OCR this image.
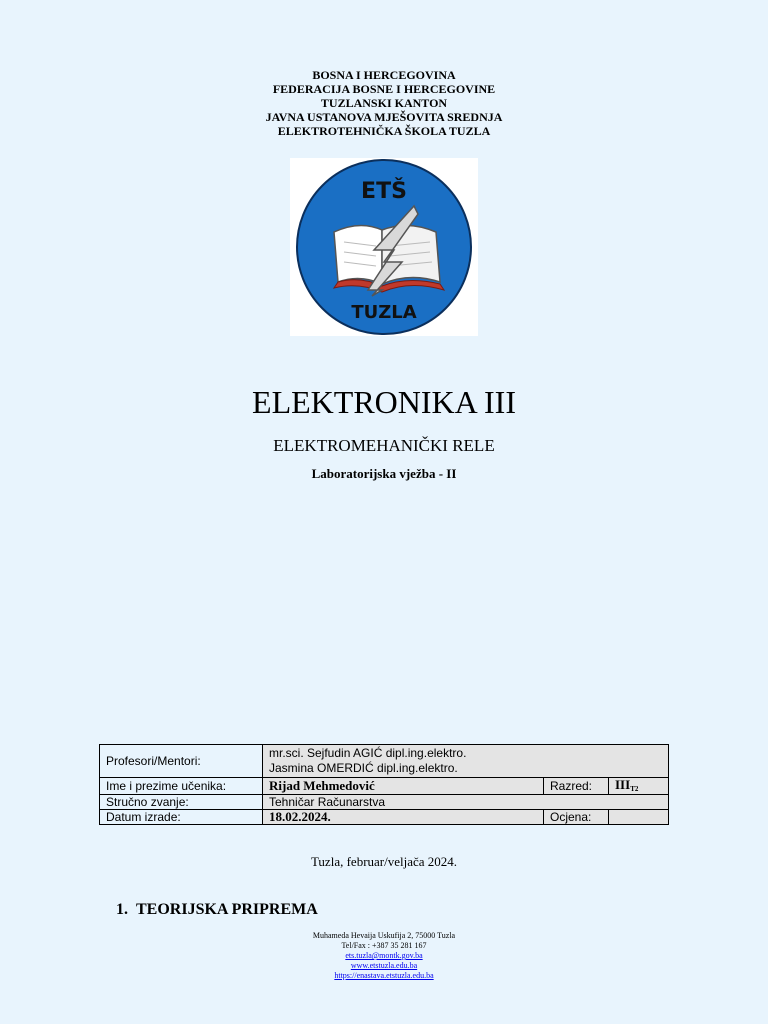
BOSNA I HERCEGOVINA
FEDERACIJA BOSNE I HERCEGOVINE
TUZLANSKI KANTON
JAVNA USTANOVA MJEŠOVITA SREDNJA
ELEKTROTEHNIČKA ŠKOLA TUZLA
ETŠ
TUZLA
ELEKTRONIKA III
ELEKTROMEHANIČKI RELE
Laboratorijska vježba - II
Profesori/Mentori:	mr.sci. Sejfudin AGIĆ dipl.ing.elektro.
Jasmina OMERDIĆ dipl.ing.elektro.		

Ime i prezime učenika:	Rijad Mehmedović	Razred:	$III_{T2}$
Stručno zvanje:	Tehničar Računarstva		
Datum izrade:	18.02.2024.	Ocjena:	
Tuzla, februar/veljača 2024.
1. TEORIJSKA PRIPREMA
Muhameda Hevaija Uskufija 2, 75000 Tuzla
Tel/Fax : +387 35 281 167
ets.tuzla@montk.gov.ba
www.etstuzla.edu.ba
https://enastava.etstuzla.edu.ba
